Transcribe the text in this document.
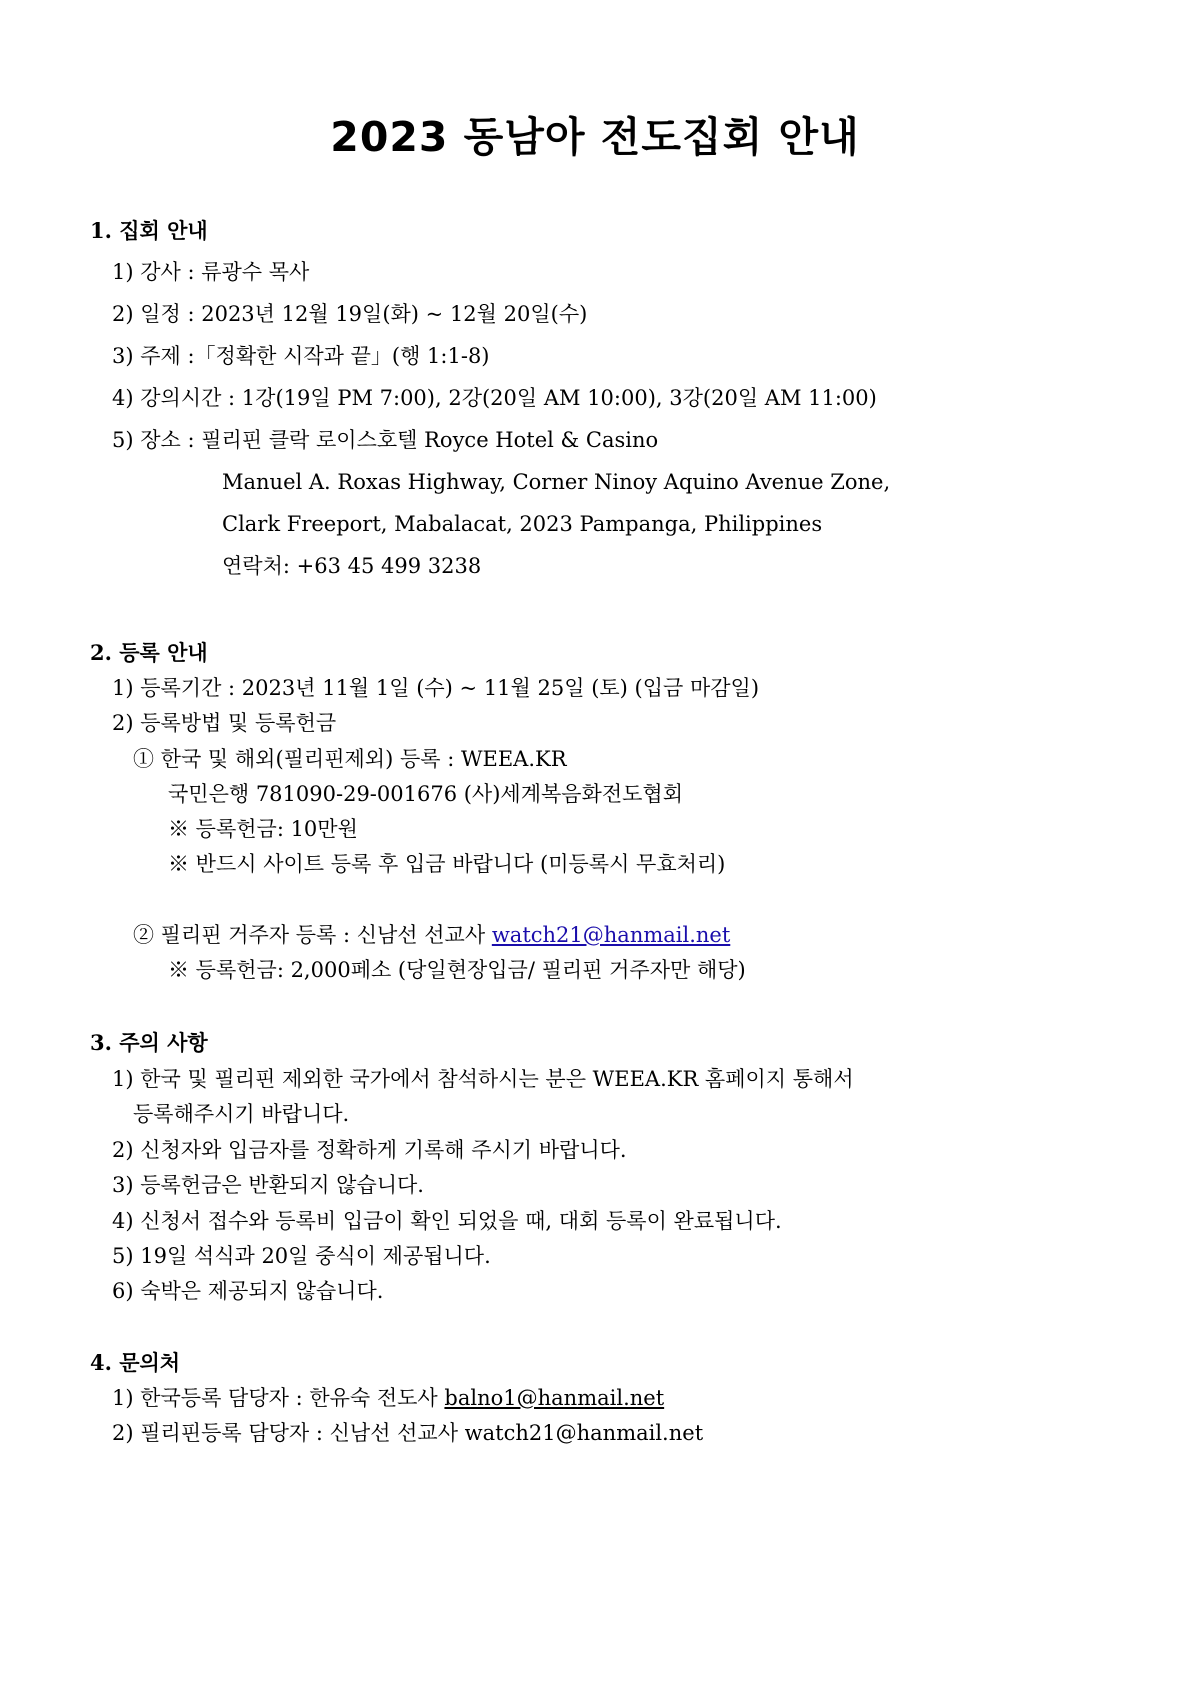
2023 동남아 전도집회 안내
1. 집회 안내
1) 강사 : 류광수 목사
2) 일정 : 2023년 12월 19일(화) ~ 12월 20일(수)
3) 주제 :「정확한 시작과 끝」(행 1:1-8)
4) 강의시간 : 1강(19일 PM 7:00), 2강(20일 AM 10:00), 3강(20일 AM 11:00)
5) 장소 : 필리핀 클락 로이스호텔 Royce Hotel & Casino
Manuel A. Roxas Highway, Corner Ninoy Aquino Avenue Zone,
Clark Freeport, Mabalacat, 2023 Pampanga, Philippines
연락처: +63 45 499 3238
2. 등록 안내
1) 등록기간 : 2023년 11월 1일 (수) ~ 11월 25일 (토) (입금 마감일)
2) 등록방법 및 등록헌금
① 한국 및 해외(필리핀제외) 등록 : WEEA.KR
국민은행 781090-29-001676 (사)세계복음화전도협회
※ 등록헌금: 10만원
※ 반드시 사이트 등록 후 입금 바랍니다 (미등록시 무효처리)
② 필리핀 거주자 등록 : 신남선 선교사 watch21@hanmail.net
※ 등록헌금: 2,000페소 (당일현장입금/ 필리핀 거주자만 해당)
3. 주의 사항
1) 한국 및 필리핀 제외한 국가에서 참석하시는 분은 WEEA.KR 홈페이지 통해서
등록해주시기 바랍니다.
2) 신청자와 입금자를 정확하게 기록해 주시기 바랍니다.
3) 등록헌금은 반환되지 않습니다.
4) 신청서 접수와 등록비 입금이 확인 되었을 때, 대회 등록이 완료됩니다.
5) 19일 석식과 20일 중식이 제공됩니다.
6) 숙박은 제공되지 않습니다.
4. 문의처
1) 한국등록 담당자 : 한유숙 전도사 balno1@hanmail.net
2) 필리핀등록 담당자 : 신남선 선교사 watch21@hanmail.net
